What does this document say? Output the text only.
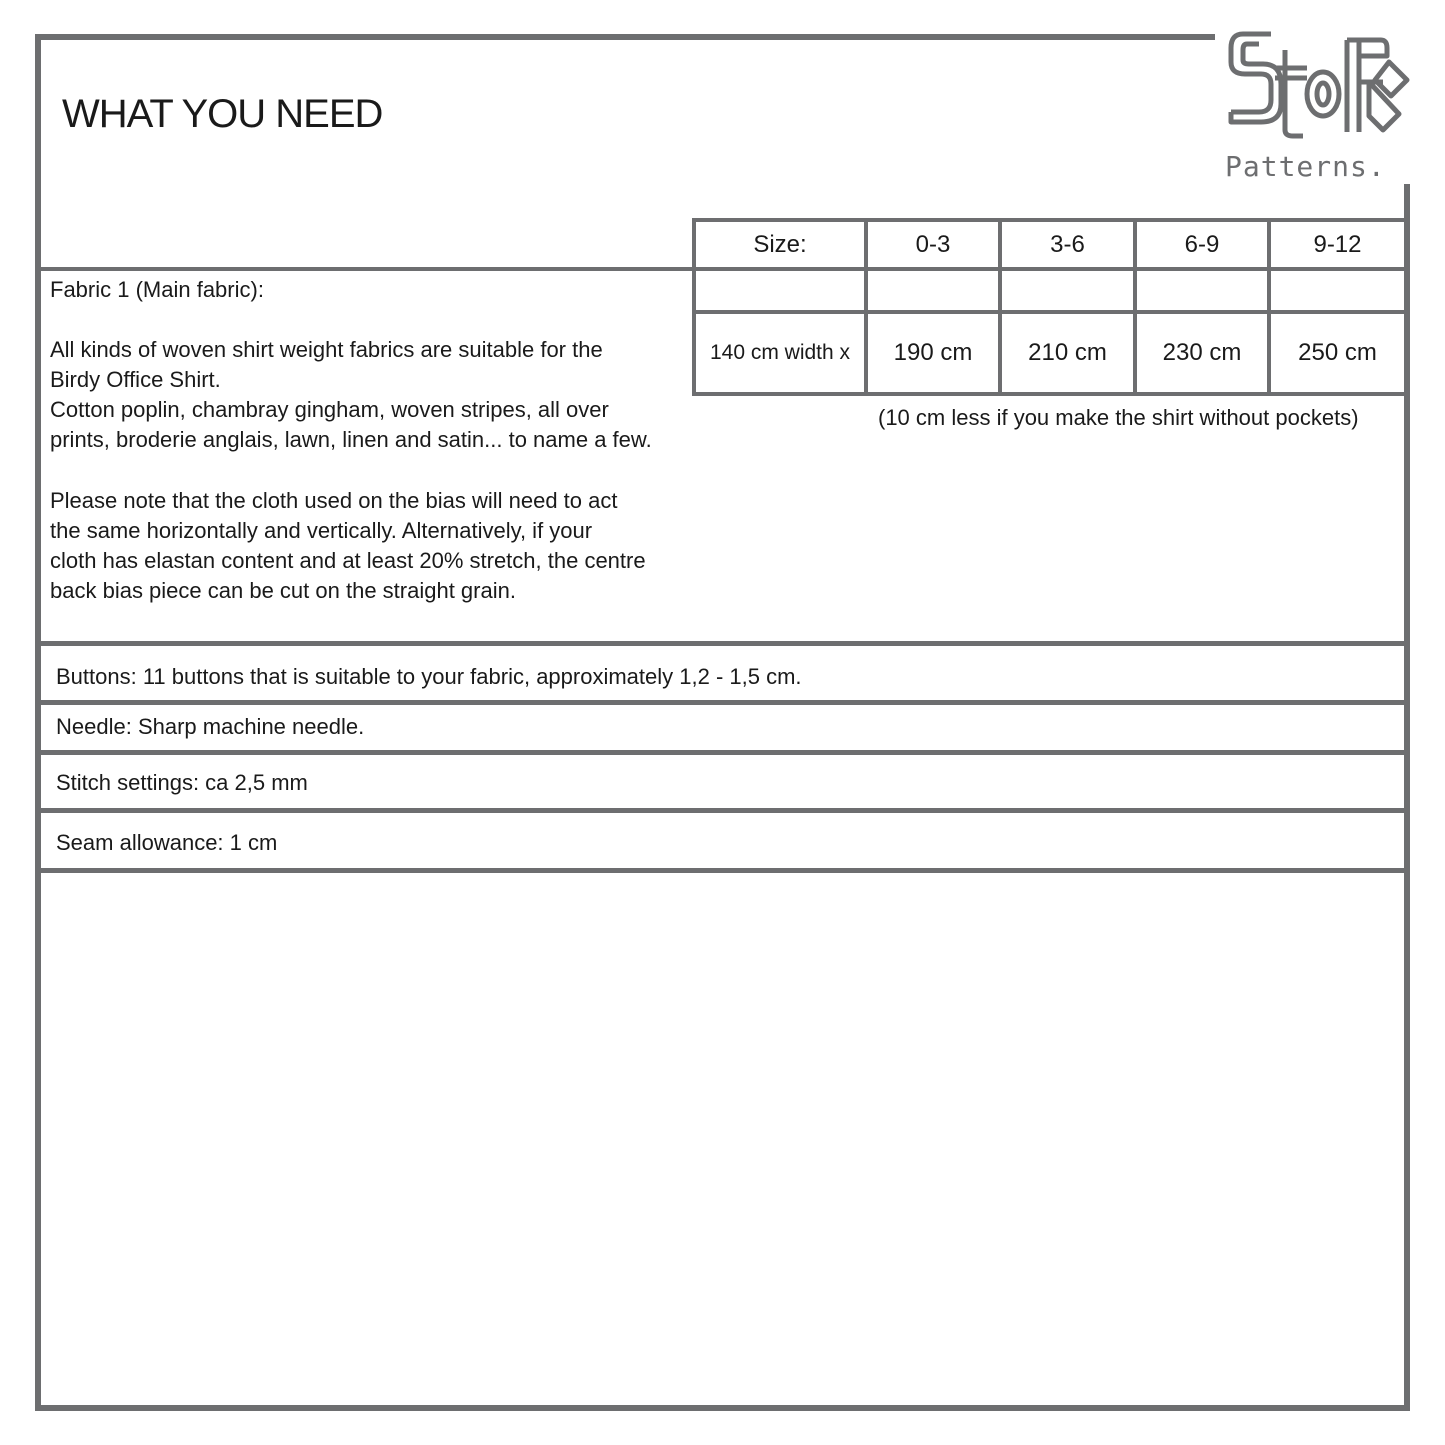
WHAT YOU NEED
Patterns.
Size:	0-3	3-6	6-9	9-12
140 cm width x	190 cm	210 cm	230 cm	250 cm
(10 cm less if you make the shirt without pockets)
Fabric 1 (Main fabric):
All kinds of woven shirt weight fabrics are suitable for the
Birdy Office Shirt.
Cotton poplin, chambray gingham, woven stripes, all over
prints, broderie anglais, lawn, linen and satin... to name a few.
Please note that the cloth used on the bias will need to act
the same horizontally and vertically. Alternatively, if your
cloth has elastan content and at least 20% stretch, the centre
back bias piece can be cut on the straight grain.
Buttons: 11 buttons that is suitable to your fabric, approximately 1,2 - 1,5 cm.
Needle: Sharp machine needle.
Stitch settings: ca 2,5 mm
Seam allowance: 1 cm
